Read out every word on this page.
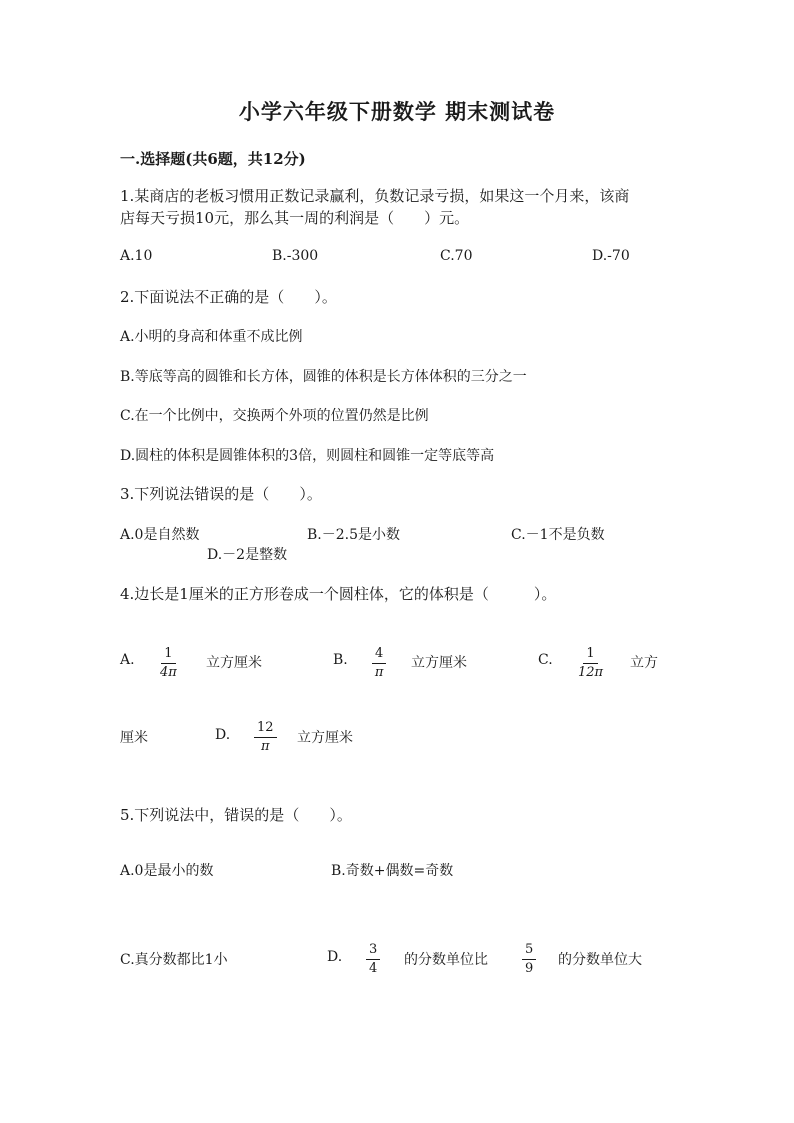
小学六年级下册数学 期末测试卷
一.选择题(共6题，共12分)
1.某商店的老板习惯用正数记录赢利，负数记录亏损，如果这一个月来，该商
店每天亏损10元，那么其一周的利润是（　　）元。
A.10	B.-300	C.70	D.-70
2.下面说法不正确的是（　　）。
A.小明的身高和体重不成比例
B.等底等高的圆锥和长方体，圆锥的体积是长方体体积的三分之一
C.在一个比例中，交换两个外项的位置仍然是比例
D.圆柱的体积是圆锥体积的3倍，则圆柱和圆锥一定等底等高
3.下列说法错误的是（　　）。
A.0是自然数	B.－2.5是小数	C.－1不是负数
D.－2是整数
4.边长是1厘米的正方形卷成一个圆柱体，它的体积是（　　　）。
A. $\frac{1}{4\pi}$ 立方厘米	B. $\frac{4}{\pi}$ 立方厘米	C. $\frac{1}{12\pi}$ 立方
厘米	D. $\frac{12}{\pi}$ 立方厘米
5.下列说法中，错误的是（　　）。
A.0是最小的数	B.奇数+偶数=奇数
C.真分数都比1小	D. $\frac{3}{4}$ 的分数单位比	$\frac{5}{9}$ 的分数单位大
